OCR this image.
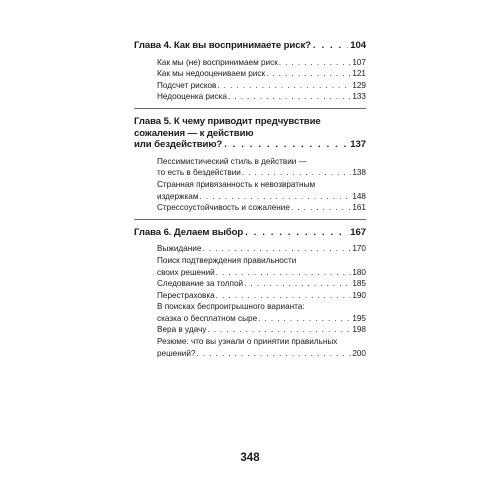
Глава 4. Как вы воспринимаете риск? . . .	104
Как мы (не) воспринимаем риск . . .	107
Как мы недооцениваем риск . . .	121
Подсчет рисков . . .	129
Недооценка риска . . .	133
Глава 5. К чему приводит предчувствие
сожаления — к действию
или бездействию? . . .	137
Пессимистический стиль в действии —
то есть в бездействии . . .	138
Странная привязанность к невозвратным
издержкам . . .	148
Стрессоустойчивость и сожаление . . .	161
Глава 6. Делаем выбор . . .	167
Выжидание . . .	170
Поиск подтверждения правильности
своих решений . . .	180
Следование за толпой . . .	185
Перестраховка . . .	190
В поисках беспроигрышного варианта:
сказка о бесплатном сыре . . .	195
Вера в удачу . . .	198
Резюме: что вы узнали о принятии правильных
решений? . . .	200
348
